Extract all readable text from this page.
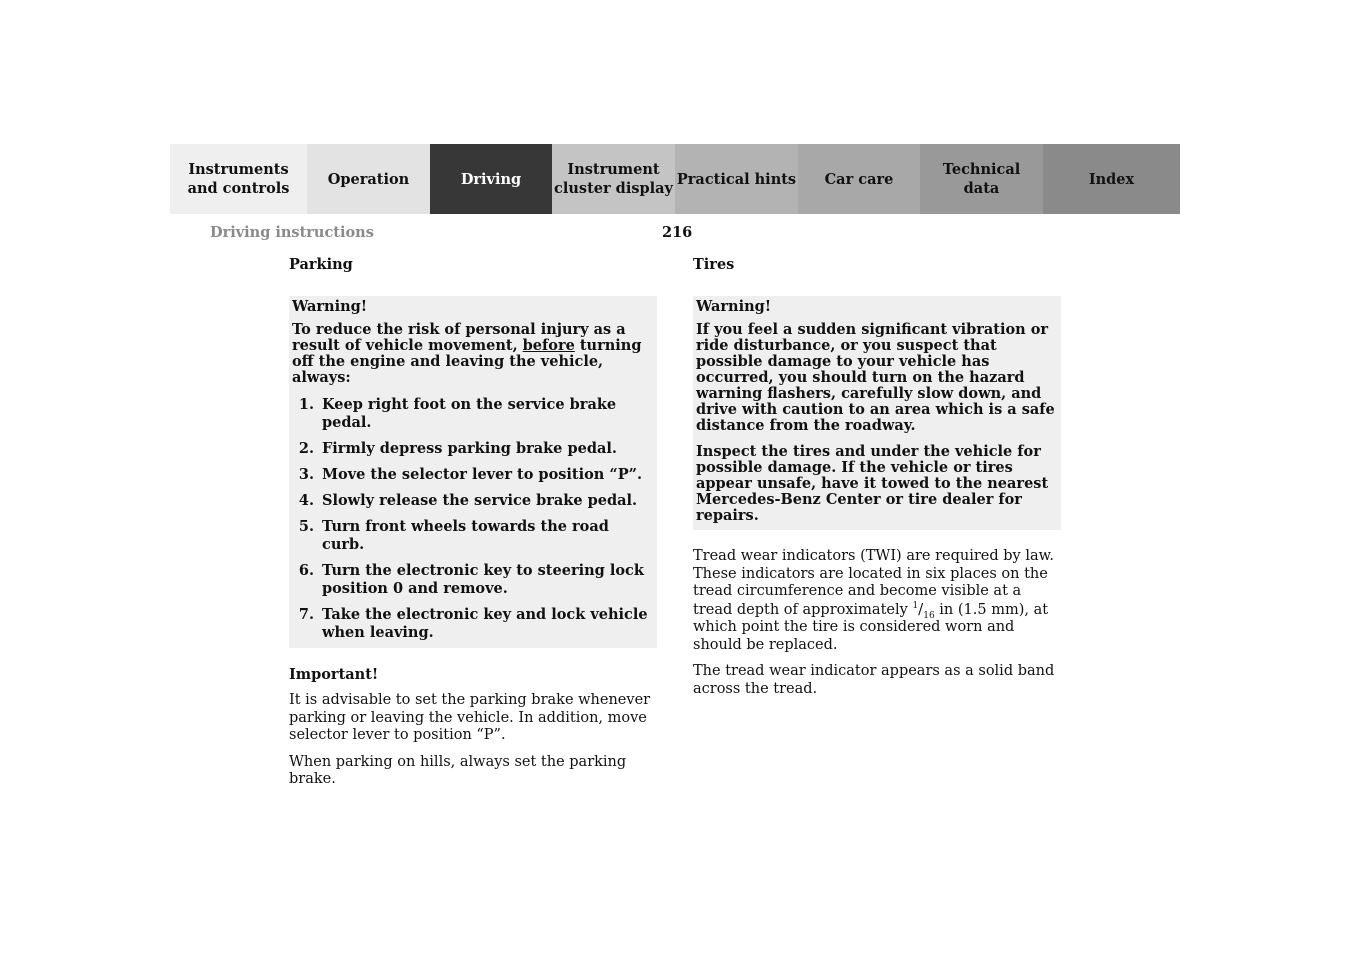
Instruments
and controls
Operation	Driving
Instrument
cluster display
Practical hints Car care
Technical
data
Index
Driving instructions	216
Parking
Warning!
To reduce the risk of personal injury as a result of vehicle movement, before turning off the engine and leaving the vehicle, always:
1. Keep right foot on the service brake pedal.
2. Firmly depress parking brake pedal.
3. Move the selector lever to position “P”.
4. Slowly release the service brake pedal.
5. Turn front wheels towards the road curb.
6. Turn the electronic key to steering lock position 0 and remove.
7. Take the electronic key and lock vehicle when leaving.
Important!

It is advisable to set the parking brake whenever parking or leaving the vehicle. In addition, move selector lever to position “P”.

When parking on hills, always set the parking brake.

Tires
Warning!
If you feel a sudden significant vibration or ride disturbance, or you suspect that possible damage to your vehicle has occurred, you should turn on the hazard warning flashers, carefully slow down, and drive with caution to an area which is a safe distance from the roadway.
Inspect the tires and under the vehicle for possible damage. If the vehicle or tires appear unsafe, have it towed to the nearest Mercedes-Benz Center or tire dealer for repairs.

Tread wear indicators (TWI) are required by law. These indicators are located in six places on the tread circumference and become visible at a tread depth of approximately $^1/_{16}$ in (1.5 mm), at which point the tire is considered worn and should be replaced.

The tread wear indicator appears as a solid band across the tread.
